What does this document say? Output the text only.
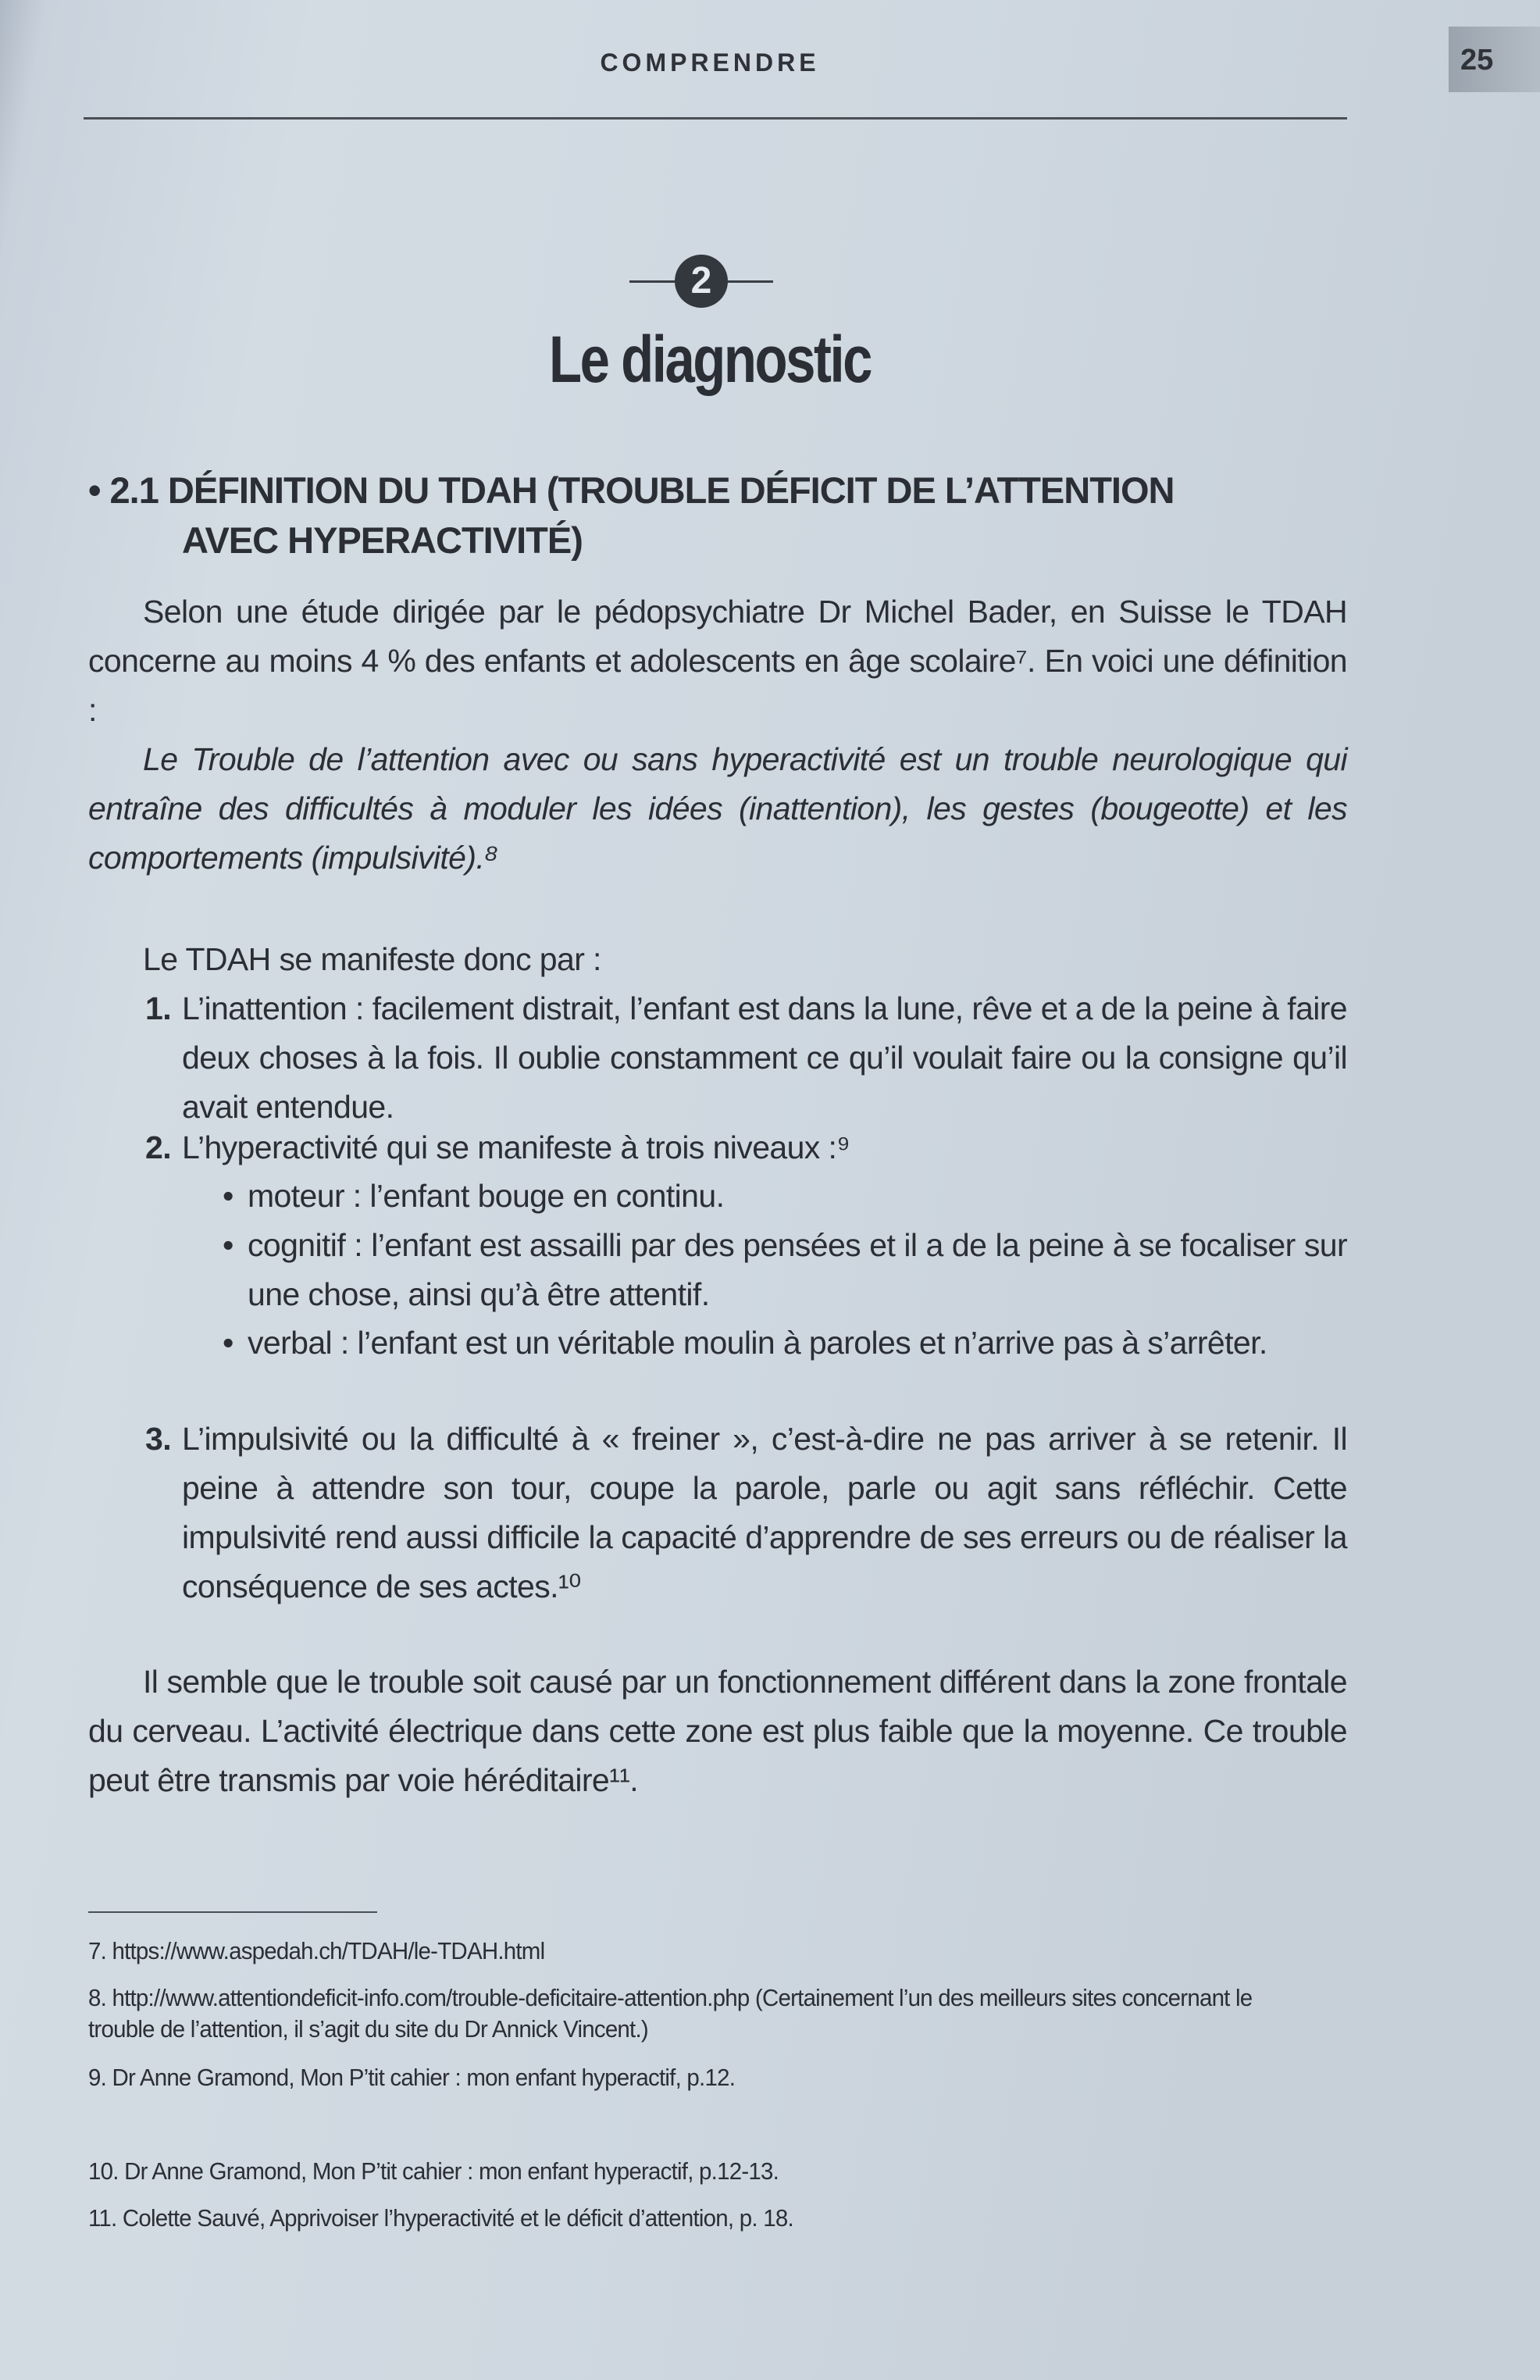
25
COMPRENDRE
2
Le diagnostic
• 2.1 DÉFINITION DU TDAH (TROUBLE DÉFICIT DE L’ATTENTION
AVEC HYPERACTIVITÉ)
Selon une étude dirigée par le pédopsychiatre Dr Michel Bader, en Suisse le TDAH concerne au moins 4 % des enfants et adolescents en âge scolaire⁷. En voici une définition :
Le Trouble de l’attention avec ou sans hyperactivité est un trouble neurologique qui entraîne des difficultés à moduler les idées (inattention), les gestes (bougeotte) et les comportements (impulsivité).⁸
Le TDAH se manifeste donc par :
1. L’inattention : facilement distrait, l’enfant est dans la lune, rêve et a de la peine à faire deux choses à la fois. Il oublie constamment ce qu’il voulait faire ou la consigne qu’il avait entendue.
2. L’hyperactivité qui se manifeste à trois niveaux :⁹
• moteur : l’enfant bouge en continu.
• cognitif : l’enfant est assailli par des pensées et il a de la peine à se focaliser sur une chose, ainsi qu’à être attentif.
• verbal : l’enfant est un véritable moulin à paroles et n’arrive pas à s’arrêter.
3. L’impulsivité ou la difficulté à « freiner », c’est-à-dire ne pas arriver à se retenir. Il peine à attendre son tour, coupe la parole, parle ou agit sans réfléchir. Cette impulsivité rend aussi difficile la capacité d’apprendre de ses erreurs ou de réaliser la conséquence de ses actes.¹⁰
Il semble que le trouble soit causé par un fonctionnement différent dans la zone frontale du cerveau. L’activité électrique dans cette zone est plus faible que la moyenne. Ce trouble peut être transmis par voie héréditaire¹¹.
7. https://www.aspedah.ch/TDAH/le-TDAH.html
8. http://www.attentiondeficit-info.com/trouble-deficitaire-attention.php (Certainement l’un des meilleurs sites concernant le trouble de l’attention, il s’agit du site du Dr Annick Vincent.)
9. Dr Anne Gramond, Mon P’tit cahier : mon enfant hyperactif, p.12.
10. Dr Anne Gramond, Mon P’tit cahier : mon enfant hyperactif, p.12-13.
11. Colette Sauvé, Apprivoiser l’hyperactivité et le déficit d’attention, p. 18.
